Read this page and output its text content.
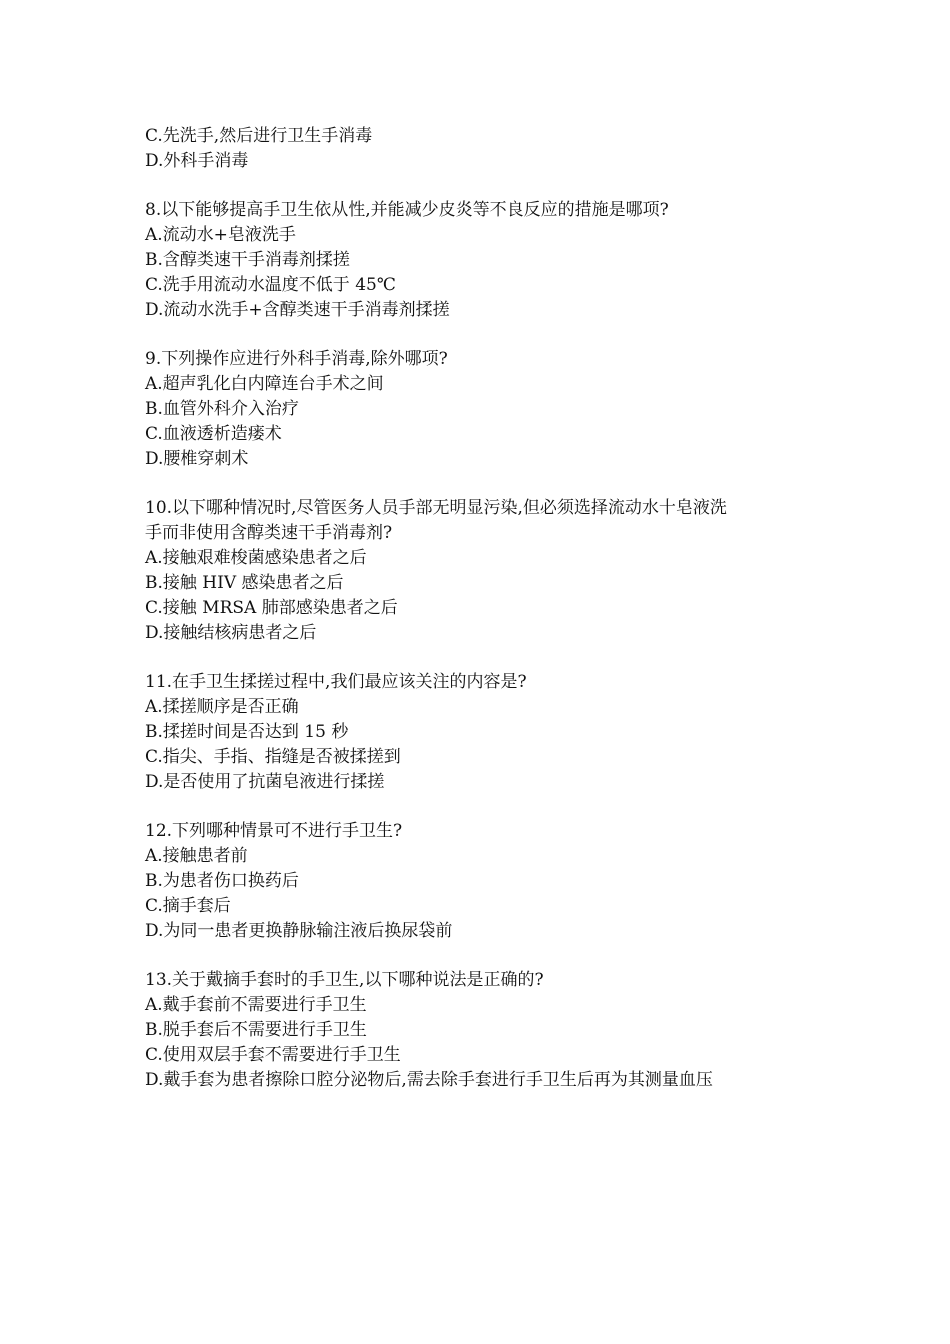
C.先洗手,然后进行卫生手消毒
D.外科手消毒
8.以下能够提高手卫生依从性,并能减少皮炎等不良反应的措施是哪项?
A.流动水+皂液洗手
B.含醇类速干手消毒剂揉搓
C.洗手用流动水温度不低于 45℃
D.流动水洗手+含醇类速干手消毒剂揉搓
9.下列操作应进行外科手消毒,除外哪项?
A.超声乳化白内障连台手术之间
B.血管外科介入治疗
C.血液透析造瘘术
D.腰椎穿刺术
10.以下哪种情况时,尽管医务人员手部无明显污染,但必须选择流动水十皂液洗
手而非使用含醇类速干手消毒剂?
A.接触艰难梭菌感染患者之后
B.接触 HIV 感染患者之后
C.接触 MRSA 肺部感染患者之后
D.接触结核病患者之后
11.在手卫生揉搓过程中,我们最应该关注的内容是?
A.揉搓顺序是否正确
B.揉搓时间是否达到 15 秒
C.指尖、手指、指缝是否被揉搓到
D.是否使用了抗菌皂液进行揉搓
12.下列哪种情景可不进行手卫生?
A.接触患者前
B.为患者伤口换药后
C.摘手套后
D.为同一患者更换静脉输注液后换尿袋前
13.关于戴摘手套时的手卫生,以下哪种说法是正确的?
A.戴手套前不需要进行手卫生
B.脱手套后不需要进行手卫生
C.使用双层手套不需要进行手卫生
D.戴手套为患者擦除口腔分泌物后,需去除手套进行手卫生后再为其测量血压
